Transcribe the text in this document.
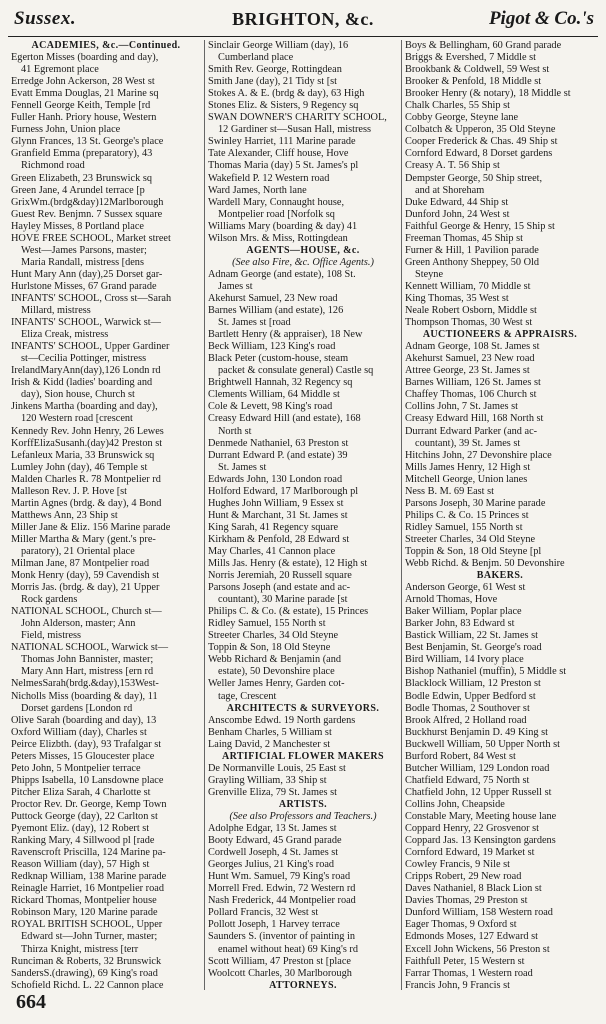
Sussex.	BRIGHTON, &c.	Pigot & Co.'s
ACADEMIES, &c.—Continued.
Egerton Misses (boarding and day),
41 Egremont place
Erredge John Ackerson, 28 West st
Evatt Emma Douglas, 21 Marine sq
Fennell George Keith, Temple [rd
Fuller Hanh. Priory house, Western
Furness John, Union place
Glynn Frances, 13 St. George's place
Granfield Emma (preparatory), 43
Richmond road
Green Elizabeth, 23 Brunswick sq
Green Jane, 4 Arundel terrace [p
GrixWm.(brdg&day)12Marlborough
Guest Rev. Benjmn. 7 Sussex square
Hayley Misses, 8 Portland place
HOVE FREE SCHOOL, Market street
West—James Parsons, master;
Maria Randall, mistress [dens
Hunt Mary Ann (day),25 Dorset gar-
Hurlstone Misses, 67 Grand parade
INFANTS' SCHOOL, Cross st—Sarah
Millard, mistress
INFANTS' SCHOOL, Warwick st—
Eliza Creak, mistress
INFANTS' SCHOOL, Upper Gardiner
st—Cecilia Pottinger, mistress
IrelandMaryAnn(day),126 Londn rd
Irish & Kidd (ladies' boarding and
day), Sion house, Church st
Jinkens Martha (boarding and day),
120 Western road [crescent
Kennedy Rev. John Henry, 26 Lewes
KorffElizaSusanh.(day)42 Preston st
Lefanleux Maria, 33 Brunswick sq
Lumley John (day), 46 Temple st
Malden Charles R. 78 Montpelier rd
Malleson Rev. J. P. Hove [st
Martin Agnes (brdg. & day), 4 Bond
Matthews Ann, 23 Ship st
Miller Jane & Eliz. 156 Marine parade
Miller Martha & Mary (gent.'s pre-
paratory), 21 Oriental place
Milman Jane, 87 Montpelier road
Monk Henry (day), 59 Cavendish st
Morris Jas. (brdg. & day), 21 Upper
Rock gardens
NATIONAL SCHOOL, Church st—
John Alderson, master; Ann
Field, mistress
NATIONAL SCHOOL, Warwick st—
Thomas John Bannister, master;
Mary Ann Hart, mistress [ern rd
NelmesSarah(brdg.&day),153West-
Nicholls Miss (boarding & day), 11
Dorset gardens [London rd
Olive Sarah (boarding and day), 13
Oxford William (day), Charles st
Peirce Elizbth. (day), 93 Trafalgar st
Peters Misses, 15 Gloucester place
Peto John, 5 Montpelier terrace
Phipps Isabella, 10 Lansdowne place
Pitcher Eliza Sarah, 4 Charlotte st
Proctor Rev. Dr. George, Kemp Town
Puttock George (day), 22 Carlton st
Pyemont Eliz. (day), 12 Robert st
Ranking Mary, 4 Sillwood pl [rade
Ravenscroft Priscilla, 124 Marine pa-
Reason William (day), 57 High st
Redknap William, 138 Marine parade
Reinagle Harriet, 16 Montpelier road
Rickard Thomas, Montpelier house
Robinson Mary, 120 Marine parade
ROYAL BRITISH SCHOOL, Upper
Edward st—John Turner, master;
Thirza Knight, mistress [terr
Runciman & Roberts, 32 Brunswick
SandersS.(drawing), 69 King's road
Schofield Richd. L. 22 Cannon place
Sinclair George William (day), 16
Cumberland place
Smith Rev. George, Rottingdean
Smith Jane (day), 21 Tidy st [st
Stokes A. & E. (brdg & day), 63 High
Stones Eliz. & Sisters, 9 Regency sq
SWAN DOWNER'S CHARITY SCHOOL,
12 Gardiner st—Susan Hall, mistress
Swinley Harriet, 111 Marine parade
Tate Alexander, Cliff house, Hove
Thomas Maria (day) 5 St. James's pl
Wakefield P. 12 Western road
Ward James, North lane
Wardell Mary, Connaught house,
Montpelier road [Norfolk sq
Williams Mary (boarding & day) 41
Wilson Mrs. & Miss, Rottingdean
AGENTS—HOUSE, &c.
(See also Fire, &c. Office Agents.)
Adnam George (and estate), 108 St.
James st
Akehurst Samuel, 23 New road
Barnes William (and estate), 126
St. James st [road
Bartlett Henry (& appraiser), 18 New
Beck William, 123 King's road
Black Peter (custom-house, steam
packet & consulate general) Castle sq
Brightwell Hannah, 32 Regency sq
Clements William, 64 Middle st
Cole & Levett, 98 King's road
Creasy Edward Hill (and estate), 168
North st
Denmede Nathaniel, 63 Preston st
Durrant Edward P. (and estate) 39
St. James st
Edwards John, 130 London road
Holford Edward, 17 Marlborough pl
Hughes John William, 9 Essex st
Hunt & Marchant, 31 St. James st
King Sarah, 41 Regency square
Kirkham & Penfold, 28 Edward st
May Charles, 41 Cannon place
Mills Jas. Henry (& estate), 12 High st
Norris Jeremiah, 20 Russell square
Parsons Joseph (and estate and ac-
countant), 30 Marine parade [st
Philips C. & Co. (& estate), 15 Princes
Ridley Samuel, 155 North st
Streeter Charles, 34 Old Steyne
Toppin & Son, 18 Old Steyne
Webb Richard & Benjamin (and
estate), 50 Devonshire place
Weller James Henry, Garden cot-
tage, Crescent
ARCHITECTS & SURVEYORS.
Anscombe Edwd. 19 North gardens
Benham Charles, 5 William st
Laing David, 2 Manchester st
ARTIFICIAL FLOWER MAKERS
De Normanville Louis, 25 East st
Grayling William, 33 Ship st
Grenville Eliza, 79 St. James st
ARTISTS.
(See also Professors and Teachers.)
Adolphe Edgar, 13 St. James st
Booty Edward, 45 Grand parade
Cordwell Joseph, 4 St. James st
Georges Julius, 21 King's road
Hunt Wm. Samuel, 79 King's road
Morrell Fred. Edwin, 72 Western rd
Nash Frederick, 44 Montpelier road
Pollard Francis, 32 West st
Pollott Joseph, 1 Harvey terrace
Saunders S. (inventor of painting in
enamel without heat) 69 King's rd
Scott William, 47 Preston st [place
Woolcott Charles, 30 Marlborough
ATTORNEYS.
Boys & Bellingham, 60 Grand parade
Briggs & Evershed, 7 Middle st
Brookbank & Coldwell, 59 West st
Brooker & Penfold, 18 Middle st
Brooker Henry (& notary), 18 Middle st
Chalk Charles, 55 Ship st
Cobby George, Steyne lane
Colbatch & Upperon, 35 Old Steyne
Cooper Frederick & Chas. 49 Ship st
Cornford Edward, 8 Dorset gardens
Creasy A. T. 56 Ship st
Dempster George, 50 Ship street,
and at Shoreham
Duke Edward, 44 Ship st
Dunford John, 24 West st
Faithful George & Henry, 15 Ship st
Freeman Thomas, 45 Ship st
Furner & Hill, 1 Pavilion parade
Green Anthony Sheppey, 50 Old
Steyne
Kennett William, 70 Middle st
King Thomas, 35 West st
Neale Robert Osborn, Middle st
Thompson Thomas, 30 West st
AUCTIONEERS & APPRAISRS.
Adnam George, 108 St. James st
Akehurst Samuel, 23 New road
Attree George, 23 St. James st
Barnes William, 126 St. James st
Chaffey Thomas, 106 Church st
Collins John, 7 St. James st
Creasy Edward Hill, 168 North st
Durrant Edward Parker (and ac-
countant), 39 St. James st
Hitchins John, 27 Devonshire place
Mills James Henry, 12 High st
Mitchell George, Union lanes
Ness B. M. 69 East st
Parsons Joseph, 30 Marine parade
Philips C. & Co. 15 Princes st
Ridley Samuel, 155 North st
Streeter Charles, 34 Old Steyne
Toppin & Son, 18 Old Steyne [pl
Webb Richd. & Benjm. 50 Devonshire
BAKERS.
Anderson George, 61 West st
Arnold Thomas, Hove
Baker William, Poplar place
Barker John, 83 Edward st
Bastick William, 22 St. James st
Best Benjamin, St. George's road
Bird William, 14 Ivory place
Bishop Nathaniel (muffin), 5 Middle st
Blacklock William, 12 Preston st
Bodle Edwin, Upper Bedford st
Bodle Thomas, 2 Southover st
Brook Alfred, 2 Holland road
Buckhurst Benjamin D. 49 King st
Buckwell William, 50 Upper North st
Burford Robert, 84 West st
Butcher William, 129 London road
Chatfield Edward, 75 North st
Chatfield John, 12 Upper Russell st
Collins John, Cheapside
Constable Mary, Meeting house lane
Coppard Henry, 22 Grosvenor st
Coppard Jas. 13 Kensington gardens
Cornford Edward, 19 Market st
Cowley Francis, 9 Nile st
Cripps Robert, 29 New road
Daves Nathaniel, 8 Black Lion st
Davies Thomas, 29 Preston st
Dunford William, 158 Western road
Eager Thomas, 9 Oxford st
Edmonds Moses, 127 Edward st
Excell John Wickens, 56 Preston st
Faithfull Peter, 15 Western st
Farrar Thomas, 1 Western road
Francis John, 9 Francis st
664
